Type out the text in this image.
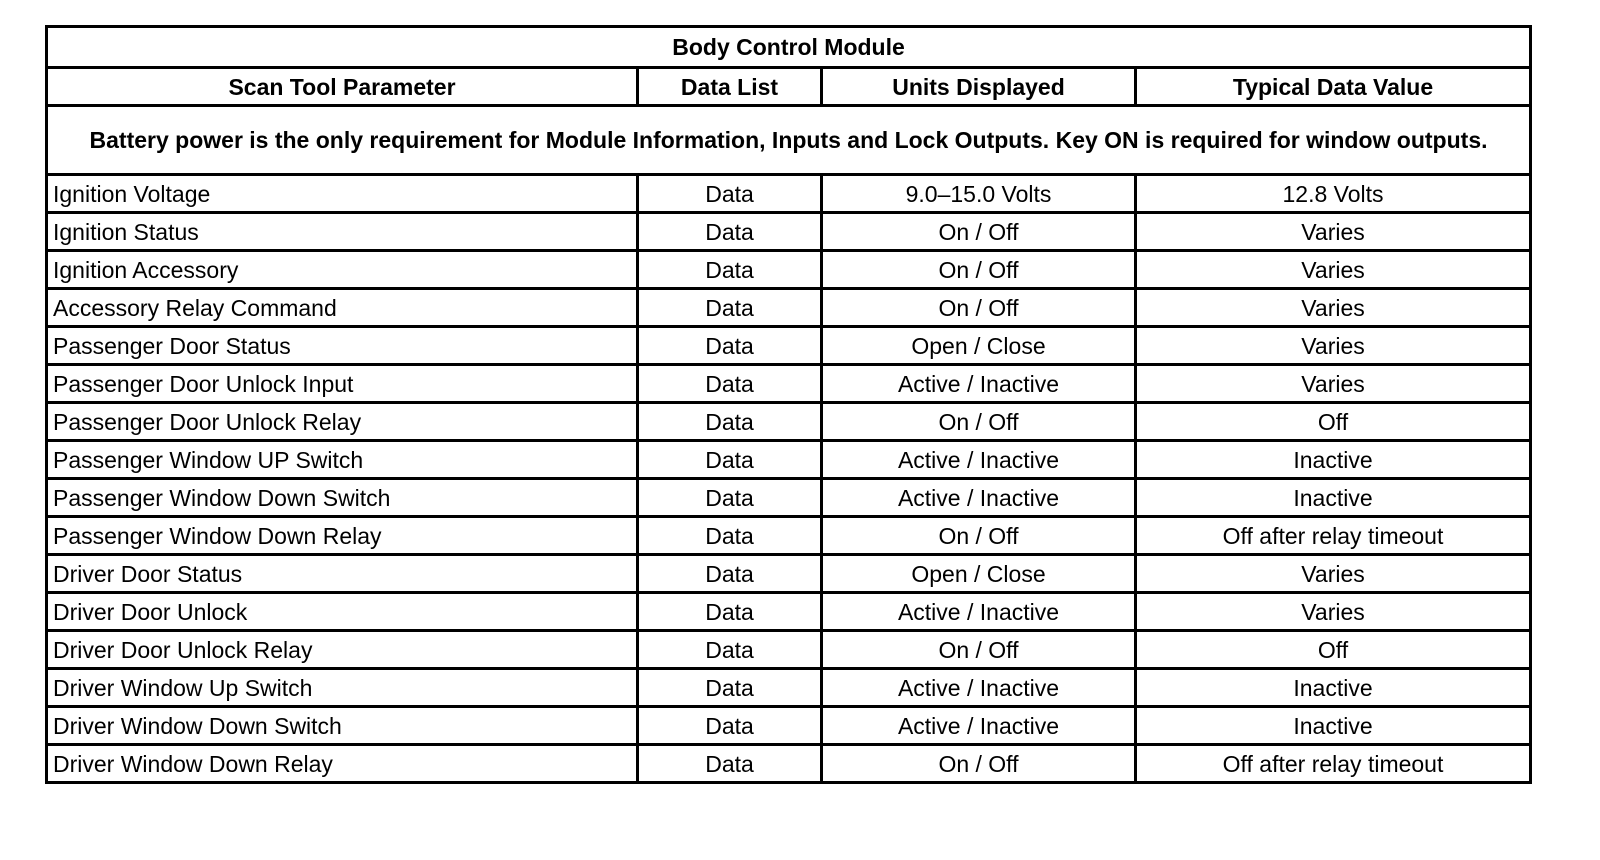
Body Control Module			
Scan Tool Parameter	Data List	Units Displayed	Typical Data Value
Battery power is the only requirement for Module Information, Inputs and Lock Outputs. Key ON is required for window outputs.			
Ignition Voltage	Data	9.0–15.0 Volts	12.8 Volts
Ignition Status	Data	On / Off	Varies
Ignition Accessory	Data	On / Off	Varies
Accessory Relay Command	Data	On / Off	Varies
Passenger Door Status	Data	Open / Close	Varies
Passenger Door Unlock Input	Data	Active / Inactive	Varies
Passenger Door Unlock Relay	Data	On / Off	Off
Passenger Window UP Switch	Data	Active / Inactive	Inactive
Passenger Window Down Switch	Data	Active / Inactive	Inactive
Passenger Window Down Relay	Data	On / Off	Off after relay timeout
Driver Door Status	Data	Open / Close	Varies
Driver Door Unlock	Data	Active / Inactive	Varies
Driver Door Unlock Relay	Data	On / Off	Off
Driver Window Up Switch	Data	Active / Inactive	Inactive
Driver Window Down Switch	Data	Active / Inactive	Inactive
Driver Window Down Relay	Data	On / Off	Off after relay timeout
